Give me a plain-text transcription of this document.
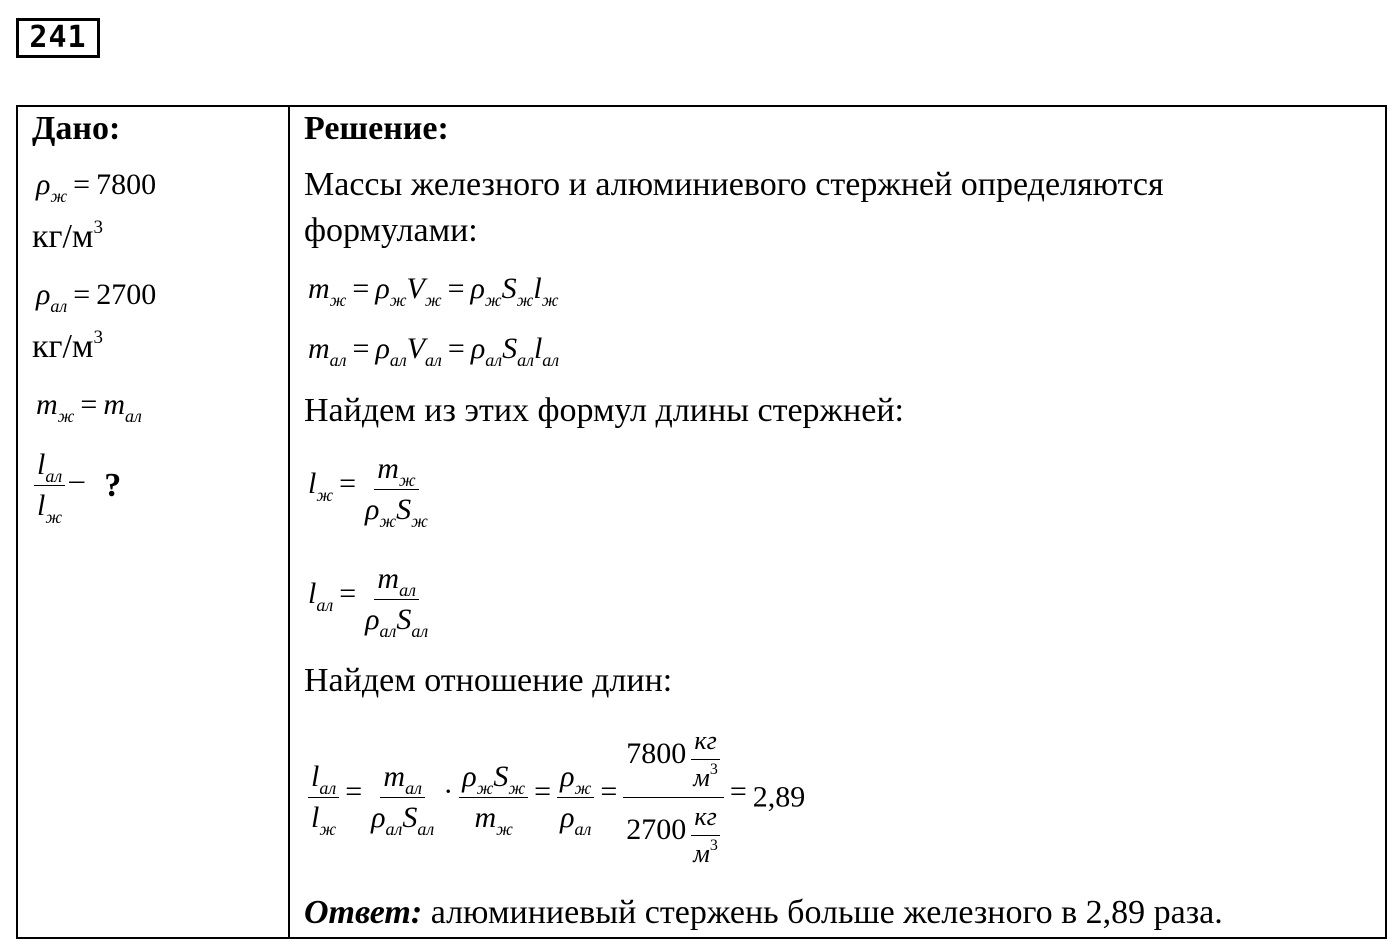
241
Дано:
ρж = 7800
$кг/м^3$
ρал = 2700
$кг/м^3$
mж = mал
$\frac{l_{ал}}{l_ж}$ – ?
Решение:
Массы железного и алюминиевого стержней определяются
формулами:
mж = ρжVж = ρжSжlж
mал = ρалVал = ρалSалlал
Найдем из этих формул длины стержней:
lж = $\frac{m_ж}{\rho_жS_ж}$
lал = $\frac{m_{ал}}{\rho_{ал}S_{ал}}$
Найдем отношение длин:
$\frac{l_{ал}}{l_ж} = \frac{m_{ал}}{\rho_{ал}S_{ал}} \cdot \frac{\rho_жS_ж}{m_ж} = \frac{\rho_ж}{\rho_{ал}} = \frac{7800 \frac{кг}{м^3}}{2700 \frac{кг}{м^3}} = 2,89$
Ответ: алюминиевый стержень больше железного в 2,89 раза.
